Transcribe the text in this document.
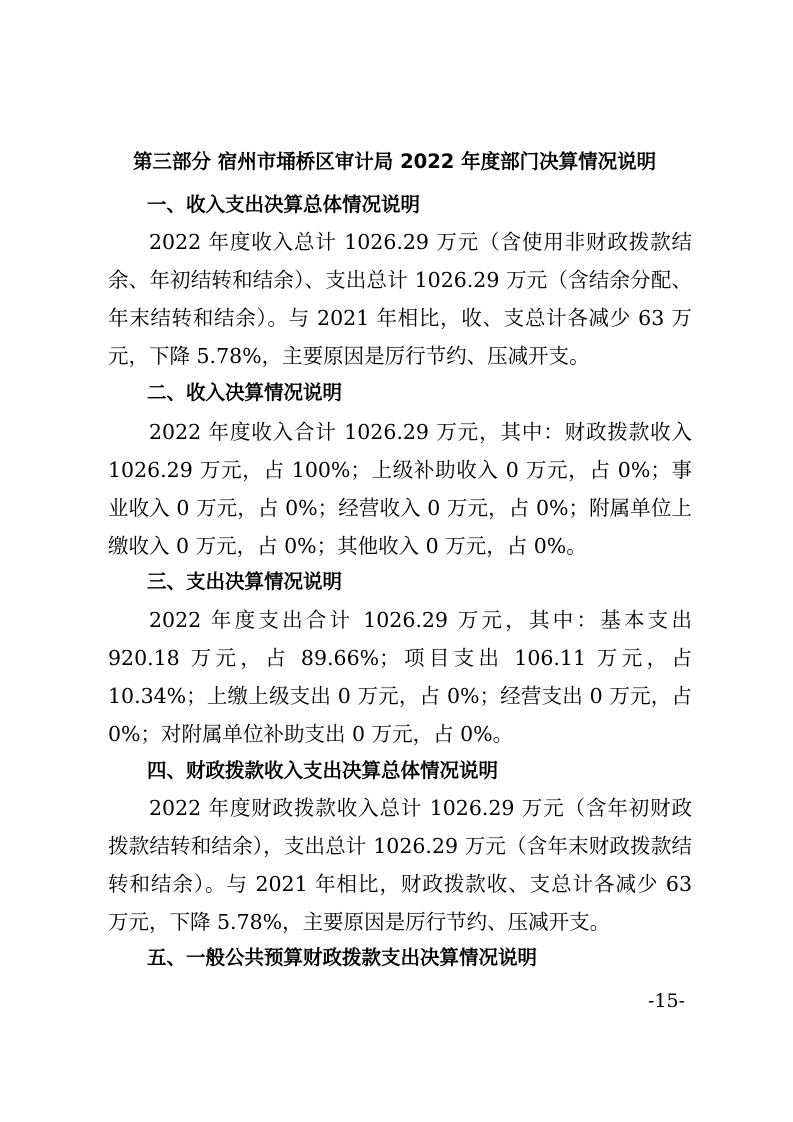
第三部分 宿州市埇桥区审计局 2022 年度部门决算情况说明
一、收入支出决算总体情况说明
2022 年度收入总计 1026.29 万元（含使用非财政拨款结余、年初结转和结余）、支出总计 1026.29 万元（含结余分配、年末结转和结余）。与 2021 年相比，收、支总计各减少 63 万元，下降 5.78%，主要原因是厉行节约、压减开支。
二、收入决算情况说明
2022 年度收入合计 1026.29 万元，其中：财政拨款收入 1026.29 万元，占 100%；上级补助收入 0 万元，占 0%；事业收入 0 万元，占 0%；经营收入 0 万元，占 0%；附属单位上缴收入 0 万元，占 0%；其他收入 0 万元，占 0%。
三、支出决算情况说明
2022 年度支出合计 1026.29 万元，其中：基本支出 920.18 万元，占 89.66%；项目支出 106.11 万元，占 10.34%；上缴上级支出 0 万元，占 0%；经营支出 0 万元，占 0%；对附属单位补助支出 0 万元，占 0%。
四、财政拨款收入支出决算总体情况说明
2022 年度财政拨款收入总计 1026.29 万元（含年初财政拨款结转和结余），支出总计 1026.29 万元（含年末财政拨款结转和结余）。与 2021 年相比，财政拨款收、支总计各减少 63 万元，下降 5.78%，主要原因是厉行节约、压减开支。
五、一般公共预算财政拨款支出决算情况说明
-15-
